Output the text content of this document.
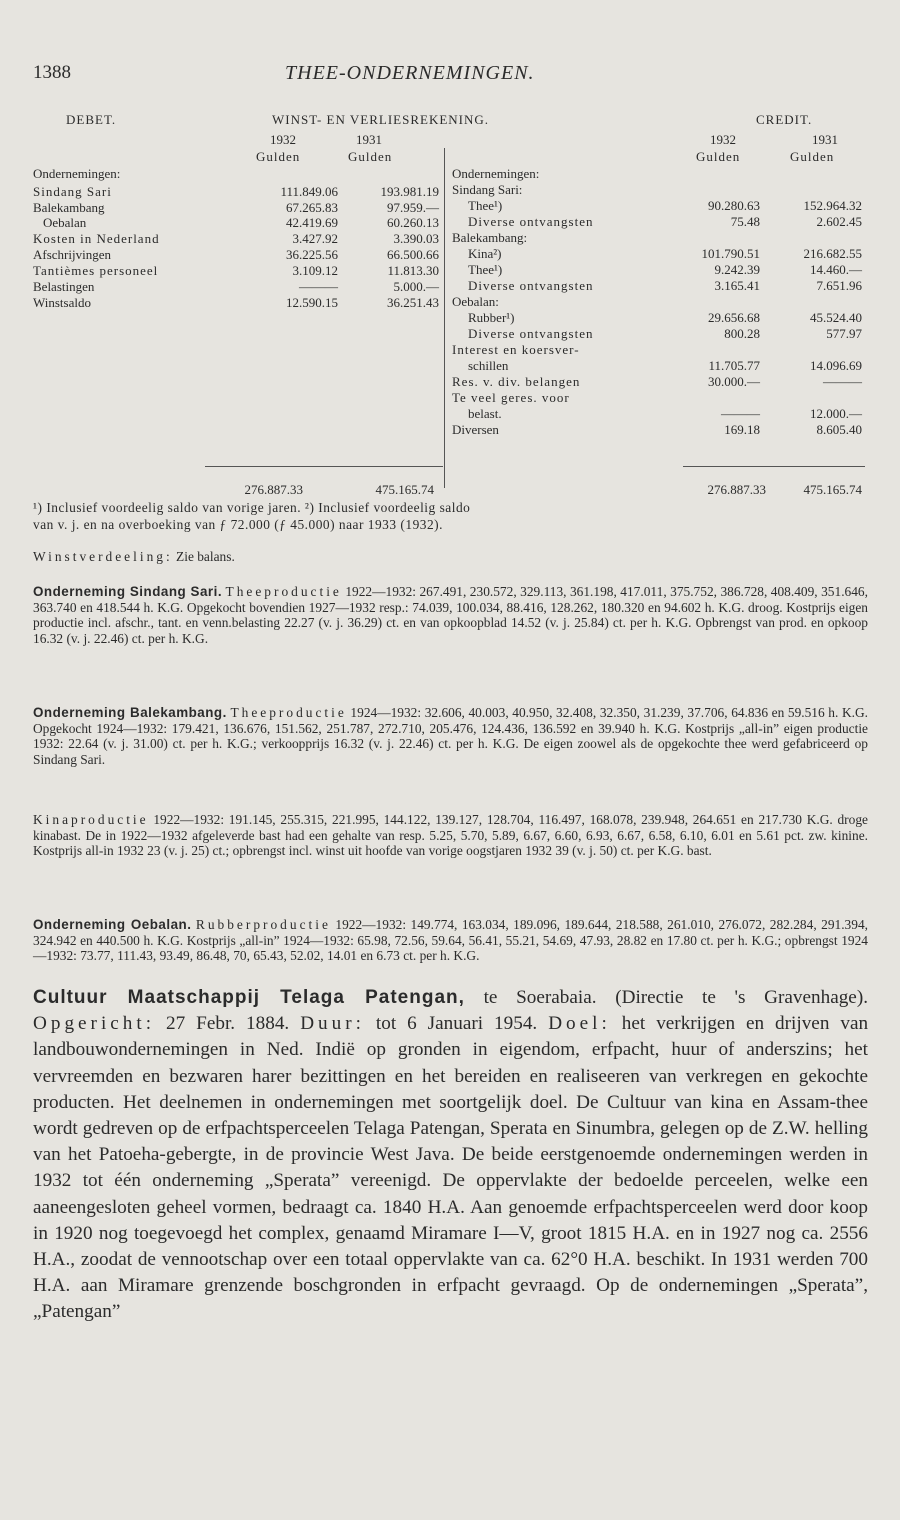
1388	THEE-ONDERNEMINGEN.
DEBET.	WINST- EN VERLIESREKENING.	CREDIT.
1932	1931
Gulden	Gulden
1932	1931
Gulden	Gulden
Ondernemingen:
Sindang Sari	111.849.06	193.981.19
Balekambang	67.265.83	97.959.—
Oebalan	42.419.69	60.260.13
Kosten in Nederland	3.427.92	3.390.03
Afschrijvingen	36.225.56	66.500.66
Tantièmes personeel	3.109.12	11.813.30
Belastingen	———	5.000.—
Winstsaldo	12.590.15	36.251.43
Ondernemingen:
Sindang Sari:
Thee¹)	90.280.63	152.964.32
Diverse ontvangsten	75.48	2.602.45
Balekambang:
Kina²)	101.790.51	216.682.55
Thee¹)	9.242.39	14.460.—
Diverse ontvangsten	3.165.41	7.651.96
Oebalan:
Rubber¹)	29.656.68	45.524.40
Diverse ontvangsten	800.28	577.97
Interest en koersver-
schillen	11.705.77	14.096.69
Res. v. div. belangen	30.000.—	———
Te veel geres. voor
belast.	———	12.000.—
Diversen	169.18	8.605.40
276.887.33	475.165.74	276.887.33	475.165.74
¹) Inclusief voordeelig saldo van vorige jaren. ²) Inclusief voordeelig saldo
van v. j. en na overboeking van ƒ 72.000 (ƒ 45.000) naar 1933 (1932).
Winstverdeeling: Zie balans.
Onderneming Sindang Sari. Theeproductie 1922—1932: 267.491, 230.572, 329.113, 361.198, 417.011, 375.752, 386.728, 408.409, 351.646, 363.740 en 418.544 h. K.G. Opgekocht bovendien 1927—1932 resp.: 74.039, 100.034, 88.416, 128.262, 180.320 en 94.602 h. K.G. droog. Kostprijs eigen productie incl. afschr., tant. en venn.belasting 22.27 (v. j. 36.29) ct. en van opkoopblad 14.52 (v. j. 25.84) ct. per h. K.G. Opbrengst van prod. en opkoop 16.32 (v. j. 22.46) ct. per h. K.G.
Onderneming Balekambang. Theeproductie 1924—1932: 32.606, 40.003, 40.950, 32.408, 32.350, 31.239, 37.706, 64.836 en 59.516 h. K.G. Opgekocht 1924—1932: 179.421, 136.676, 151.562, 251.787, 272.710, 205.476, 124.436, 136.592 en 39.940 h. K.G. Kostprijs „all-in” eigen productie 1932: 22.64 (v. j. 31.00) ct. per h. K.G.; verkoopprijs 16.32 (v. j. 22.46) ct. per h. K.G. De eigen zoowel als de opgekochte thee werd gefabriceerd op Sindang Sari.
Kinaproductie 1922—1932: 191.145, 255.315, 221.995, 144.122, 139.127, 128.704, 116.497, 168.078, 239.948, 264.651 en 217.730 K.G. droge kinabast. De in 1922—1932 afgeleverde bast had een gehalte van resp. 5.25, 5.70, 5.89, 6.67, 6.60, 6.93, 6.67, 6.58, 6.10, 6.01 en 5.61 pct. zw. kinine. Kostprijs all-in 1932 23 (v. j. 25) ct.; opbrengst incl. winst uit hoofde van vorige oogstjaren 1932 39 (v. j. 50) ct. per K.G. bast.
Onderneming Oebalan. Rubberproductie 1922—1932: 149.774, 163.034, 189.096, 189.644, 218.588, 261.010, 276.072, 282.284, 291.394, 324.942 en 440.500 h. K.G. Kostprijs „all-in” 1924—1932: 65.98, 72.56, 59.64, 56.41, 55.21, 54.69, 47.93, 28.82 en 17.80 ct. per h. K.G.; opbrengst 1924—1932: 73.77, 111.43, 93.49, 86.48, 70, 65.43, 52.02, 14.01 en 6.73 ct. per h. K.G.
Cultuur Maatschappij Telaga Patengan, te Soerabaia. (Directie te 's Gravenhage). Opgericht: 27 Febr. 1884. Duur: tot 6 Januari 1954. Doel: het verkrijgen en drijven van landbouwondernemingen in Ned. Indië op gronden in eigendom, erfpacht, huur of anderszins; het vervreemden en bezwaren harer bezittingen en het bereiden en realiseeren van verkregen en gekochte producten. Het deelnemen in ondernemingen met soortgelijk doel. De Cultuur van kina en Assam-thee wordt gedreven op de erfpachtsperceelen Telaga Patengan, Sperata en Sinumbra, gelegen op de Z.W. helling van het Patoeha-gebergte, in de provincie West Java. De beide eerstgenoemde ondernemingen werden in 1932 tot één onderneming „Sperata” vereenigd. De oppervlakte der bedoelde perceelen, welke een aaneengesloten geheel vormen, bedraagt ca. 1840 H.A. Aan genoemde erfpachtsperceelen werd door koop in 1920 nog toegevoegd het complex, genaamd Miramare I—V, groot 1815 H.A. en in 1927 nog ca. 2556 H.A., zoodat de vennootschap over een totaal oppervlakte van ca. 62°0 H.A. beschikt. In 1931 werden 700 H.A. aan Miramare grenzende boschgronden in erfpacht gevraagd. Op de ondernemingen „Sperata”, „Patengan”
